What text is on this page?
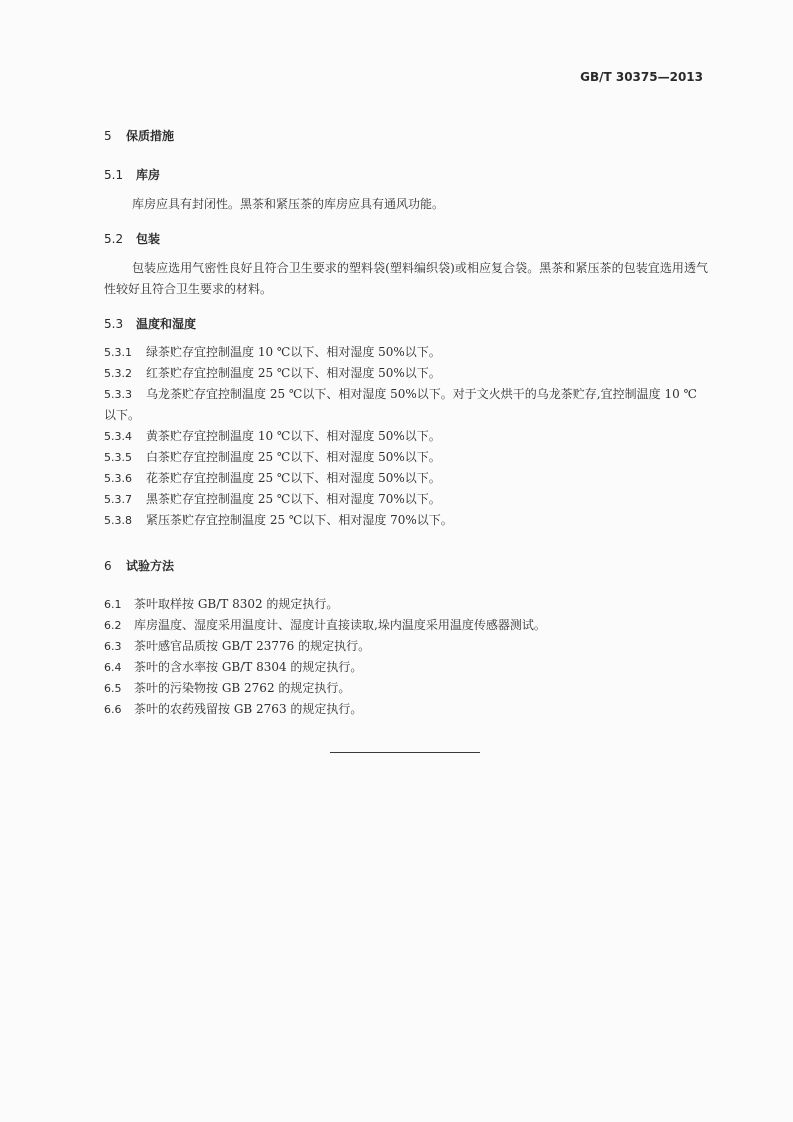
GB/T 30375—2013
5 保质措施
5.1 库房
库房应具有封闭性。黑茶和紧压茶的库房应具有通风功能。
5.2 包装
包装应选用气密性良好且符合卫生要求的塑料袋(塑料编织袋)或相应复合袋。黑茶和紧压茶的包装宜选用透气性较好且符合卫生要求的材料。
5.3 温度和湿度
5.3.1 绿茶贮存宜控制温度 10 ℃以下、相对湿度 50%以下。
5.3.2 红茶贮存宜控制温度 25 ℃以下、相对湿度 50%以下。
5.3.3 乌龙茶贮存宜控制温度 25 ℃以下、相对湿度 50%以下。对于文火烘干的乌龙茶贮存,宜控制温度 10 ℃以下。
5.3.4 黄茶贮存宜控制温度 10 ℃以下、相对湿度 50%以下。
5.3.5 白茶贮存宜控制温度 25 ℃以下、相对湿度 50%以下。
5.3.6 花茶贮存宜控制温度 25 ℃以下、相对湿度 50%以下。
5.3.7 黑茶贮存宜控制温度 25 ℃以下、相对湿度 70%以下。
5.3.8 紧压茶贮存宜控制温度 25 ℃以下、相对湿度 70%以下。
6 试验方法
6.1 茶叶取样按 GB/T 8302 的规定执行。
6.2 库房温度、湿度采用温度计、湿度计直接读取,垛内温度采用温度传感器测试。
6.3 茶叶感官品质按 GB/T 23776 的规定执行。
6.4 茶叶的含水率按 GB/T 8304 的规定执行。
6.5 茶叶的污染物按 GB 2762 的规定执行。
6.6 茶叶的农药残留按 GB 2763 的规定执行。
